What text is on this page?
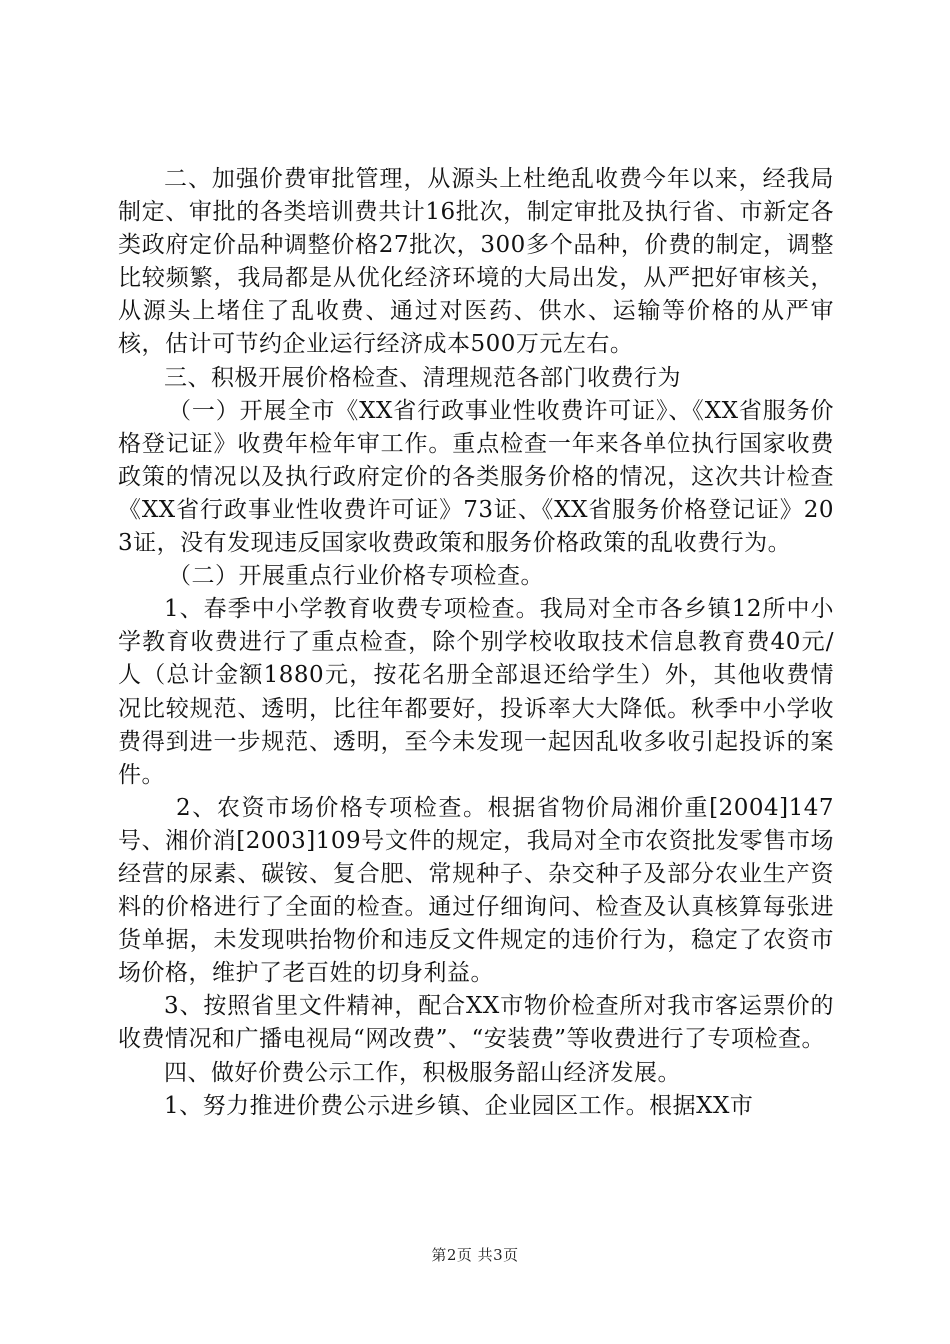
二、加强价费审批管理，从源头上杜绝乱收费今年以来，经我局制定、审批的各类培训费共计16批次，制定审批及执行省、市新定各类政府定价品种调整价格27批次，300多个品种，价费的制定，调整比较频繁，我局都是从优化经济环境的大局出发，从严把好审核关，从源头上堵住了乱收费、通过对医药、供水、运输等价格的从严审核，估计可节约企业运行经济成本500万元左右。

三、积极开展价格检查、清理规范各部门收费行为

（一）开展全市《XX省行政事业性收费许可证》、《XX省服务价格登记证》收费年检年审工作。重点检查一年来各单位执行国家收费政策的情况以及执行政府定价的各类服务价格的情况，这次共计检查《XX省行政事业性收费许可证》73证、《XX省服务价格登记证》203证，没有发现违反国家收费政策和服务价格政策的乱收费行为。

（二）开展重点行业价格专项检查。

1、春季中小学教育收费专项检查。我局对全市各乡镇12所中小学教育收费进行了重点检查，除个别学校收取技术信息教育费40元/人（总计金额1880元，按花名册全部退还给学生）外，其他收费情况比较规范、透明，比往年都要好，投诉率大大降低。秋季中小学收费得到进一步规范、透明，至今未发现一起因乱收多收引起投诉的案件。

2、农资市场价格专项检查。根据省物价局湘价重[2004]147号、湘价消[2003]109号文件的规定，我局对全市农资批发零售市场经营的尿素、碳铵、复合肥、常规种子、杂交种子及部分农业生产资料的价格进行了全面的检查。通过仔细询问、检查及认真核算每张进货单据，未发现哄抬物价和违反文件规定的违价行为，稳定了农资市场价格，维护了老百姓的切身利益。

3、按照省里文件精神，配合XX市物价检查所对我市客运票价的收费情况和广播电视局“网改费”、“安装费”等收费进行了专项检查。

四、做好价费公示工作，积极服务韶山经济发展。

1、努力推进价费公示进乡镇、企业园区工作。根据XX市

第2页 共3页
